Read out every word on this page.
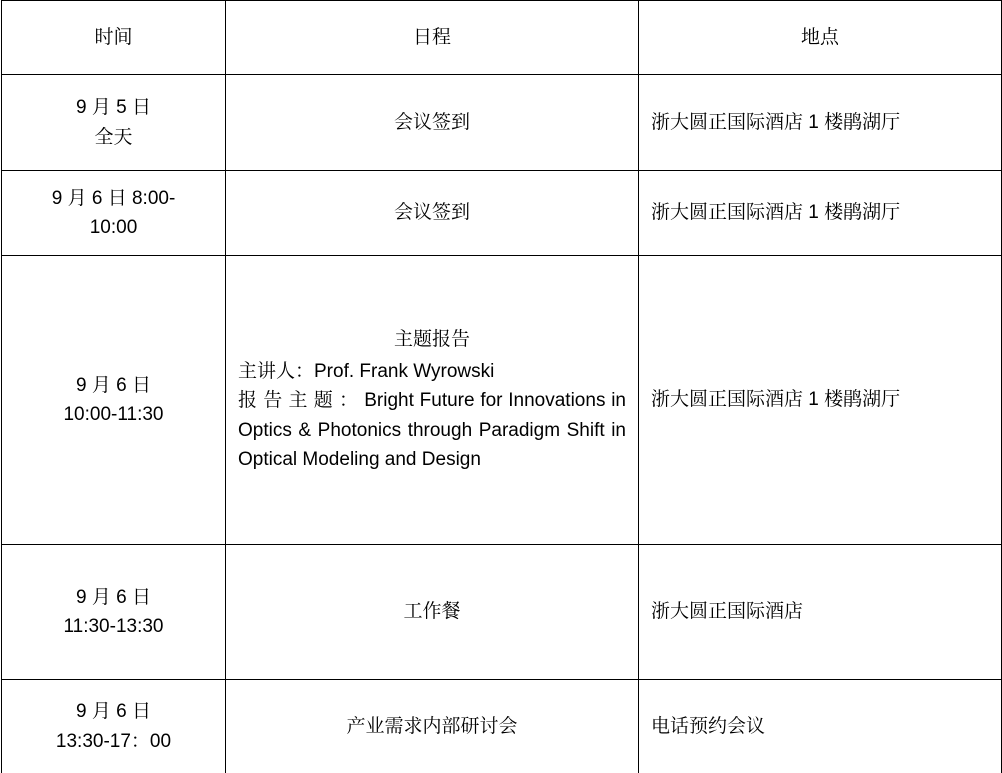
时间	日程	地点

9 月 5 日
全天	会议签到	浙大圆正国际酒店 1 楼鹃湖厅

9 月 6 日 8:00-
10:00	会议签到	浙大圆正国际酒店 1 楼鹃湖厅

9 月 6 日
10:00-11:30	主题报告
主讲人：Prof. Frank Wyrowski
报 告 主 题 ： Bright Future for Innovations in Optics & Photonics through Paradigm Shift in Optical Modeling and Design	浙大圆正国际酒店 1 楼鹃湖厅

9 月 6 日
11:30-13:30	工作餐	浙大圆正国际酒店

9 月 6 日
13:30-17：00	产业需求内部研讨会	电话预约会议
